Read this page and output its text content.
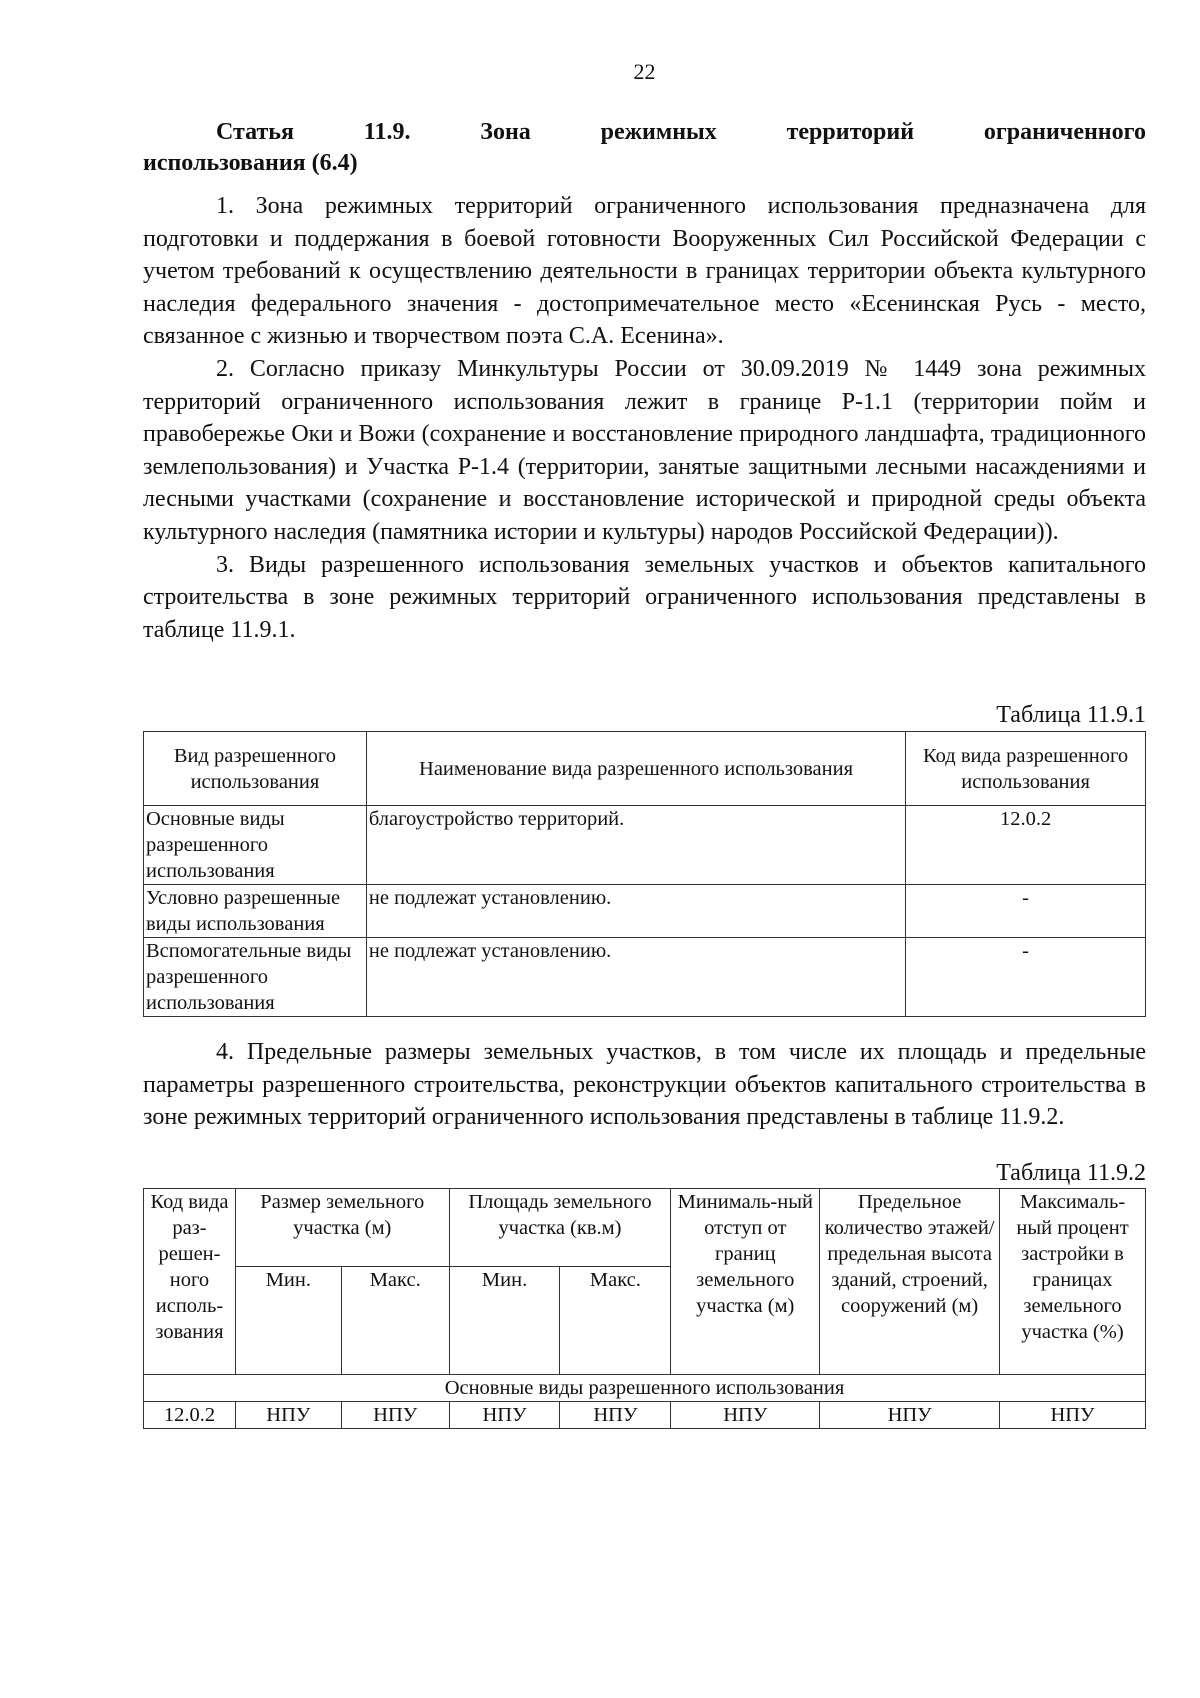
22
Статья	11.9.	Зона	режимных	территорий	ограниченного
использования (6.4)

1. Зона режимных территорий ограниченного использования предназначена для подготовки и поддержания в боевой готовности Вооруженных Сил Российской Федерации с учетом требований к осуществлению деятельности в границах территории объекта культурного наследия федерального значения - достопримечательное место «Есенинская Русь - место, связанное с жизнью и творчеством поэта С.А. Есенина».

2. Согласно приказу Минкультуры России от 30.09.2019 № 1449 зона режимных территорий ограниченного использования лежит в границе Р-1.1 (территории пойм и правобережье Оки и Вожи (сохранение и восстановление природного ландшафта, традиционного землепользования) и Участка Р-1.4 (территории, занятые защитными лесными насаждениями и лесными участками (сохранение и восстановление исторической и природной среды объекта культурного наследия (памятника истории и культуры) народов Российской Федерации)).

3. Виды разрешенного использования земельных участков и объектов капитального строительства в зоне режимных территорий ограниченного использования представлены в таблице 11.9.1.

Таблица 11.9.1
Вид разрешенного использования	Наименование вида разрешенного использования	Код вида разрешенного использования
Основные виды разрешенного использования	благоустройство территорий.	12.0.2
Условно разрешенные виды использования	не подлежат установлению.	-
Вспомогательные виды разрешенного использования	не подлежат установлению.	-

4. Предельные размеры земельных участков, в том числе их площадь и предельные параметры разрешенного строительства, реконструкции объектов капитального строительства в зоне режимных территорий ограниченного использования представлены в таблице 11.9.2.

Таблица 11.9.2
Код вида раз-решен-ного исполь-зования	Размер земельного участка (м)		Площадь земельного участка (кв.м)		Минималь-ный отступ от границ земельного участка (м)	Предельное количество этажей/ предельная высота зданий, строений, сооружений (м)	Максималь-ный процент застройки в границах земельного участка (%)
	Мин.	Макс.	Мин.	Макс.			
Основные виды разрешенного использования							
12.0.2	НПУ	НПУ	НПУ	НПУ	НПУ	НПУ	НПУ
